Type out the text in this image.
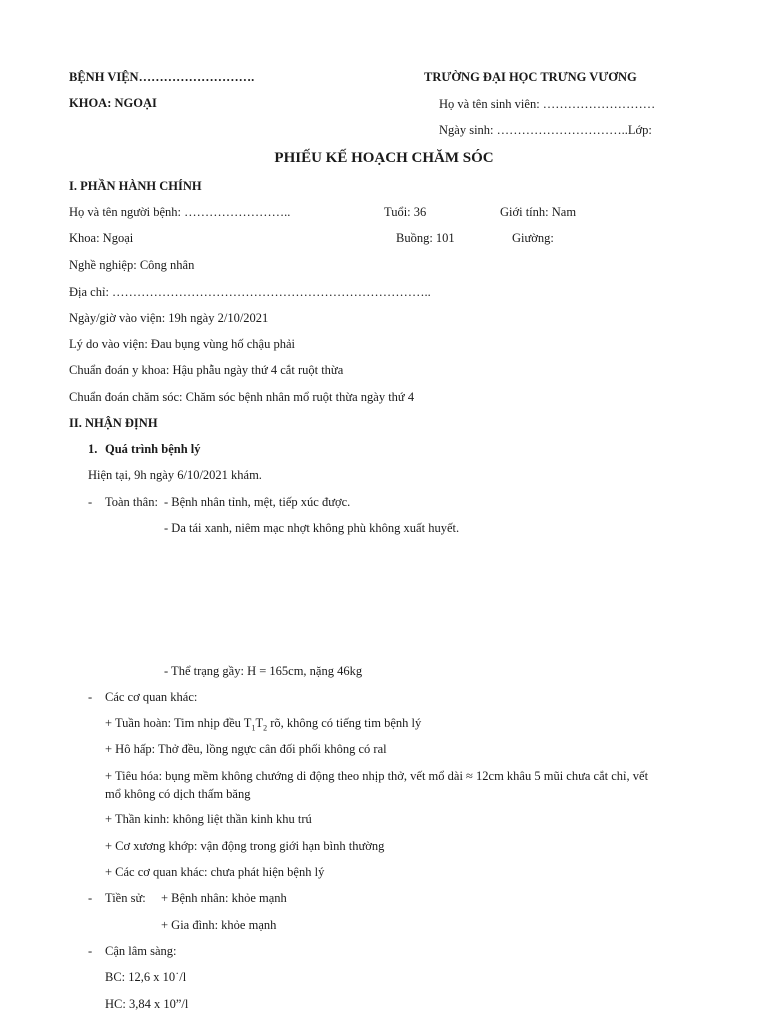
BỆNH VIỆN……………………….	TRƯỜNG ĐẠI HỌC TRƯNG VƯƠNG
KHOA: NGOẠI	Họ và tên sinh viên: ………………………
Ngày sinh: …………………………..Lớp:
PHIẾU KẾ HOẠCH CHĂM SÓC
I. PHẦN HÀNH CHÍNH
Họ và tên người bệnh: ……………………..	Tuổi: 36	Giới tính: Nam
Khoa: Ngoại	Buồng: 101	Giường:
Nghề nghiệp: Công nhân
Địa chỉ: …………………………………………………………………..
Ngày/giờ vào viện: 19h ngày 2/10/2021
Lý do vào viện: Đau bụng vùng hố chậu phải
Chuẩn đoán y khoa: Hậu phẫu ngày thứ 4 cắt ruột thừa
Chuẩn đoán chăm sóc: Chăm sóc bệnh nhân mổ ruột thừa ngày thứ 4
II. NHẬN ĐỊNH
1. Quá trình bệnh lý
Hiện tại, 9h ngày 6/10/2021 khám.
- Toàn thân: - Bệnh nhân tỉnh, mệt, tiếp xúc được.
- Da tái xanh, niêm mạc nhợt không phù không xuất huyết.
- Thể trạng gầy: H = 165cm, nặng 46kg
- Các cơ quan khác:
+ Tuần hoàn: Tim nhịp đều $T_1T_2$ rõ, không có tiếng tim bệnh lý
+ Hô hấp: Thở đều, lồng ngực cân đối phối không có ral
+ Tiêu hóa: bụng mềm không chướng di động theo nhịp thở, vết mổ dài ≈ 12cm khâu 5 mũi chưa cắt chỉ, vết mổ không có dịch thấm băng
+ Thần kinh: không liệt thần kinh khu trú
+ Cơ xương khớp: vận động trong giới hạn bình thường
+ Các cơ quan khác: chưa phát hiện bệnh lý
- Tiền sử: + Bệnh nhân: khỏe mạnh
+ Gia đình: khỏe mạnh
- Cận lâm sàng:
BC: 12,6 x 10˙/l
HC: 3,84 x 10”/l
